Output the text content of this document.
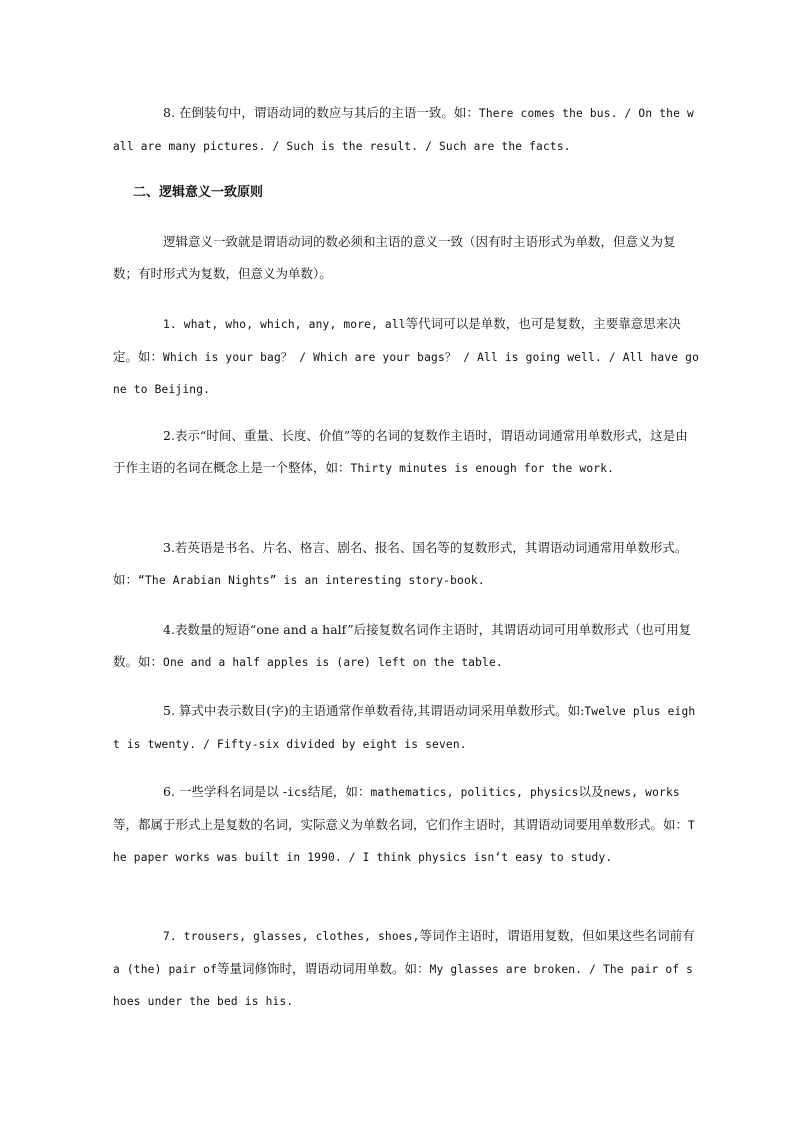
8. 在倒装句中，谓语动词的数应与其后的主语一致。如：There comes the bus. / On the wall are many pictures. / Such is the result. / Such are the facts.
二、逻辑意义一致原则
逻辑意义一致就是谓语动词的数必须和主语的意义一致（因有时主语形式为单数，但意义为复数；有时形式为复数，但意义为单数）。
1. what, who, which, any, more, all等代词可以是单数，也可是复数，主要靠意思来决定。如：Which is your bag？ / Which are your bags？ / All is going well. / All have gone to Beijing.
2.表示“时间、重量、长度、价值”等的名词的复数作主语时，谓语动词通常用单数形式，这是由于作主语的名词在概念上是一个整体，如：Thirty minutes is enough for the work.
3.若英语是书名、片名、格言、剧名、报名、国名等的复数形式，其谓语动词通常用单数形式。如：“The Arabian Nights” is an interesting story-book.
4.表数量的短语“one and a half”后接复数名词作主语时，其谓语动词可用单数形式（也可用复数。如：One and a half apples is (are) left on the table.
5. 算式中表示数目(字)的主语通常作单数看待,其谓语动词采用单数形式。如:Twelve plus eight is twenty. / Fifty-six divided by eight is seven.
6. 一些学科名词是以 -ics结尾，如：mathematics, politics, physics以及news, works等，都属于形式上是复数的名词，实际意义为单数名词，它们作主语时，其谓语动词要用单数形式。如：The paper works was built in 1990. / I think physics isn‘t easy to study.
7. trousers, glasses, clothes, shoes,等词作主语时，谓语用复数，但如果这些名词前有a (the) pair of等量词修饰时，谓语动词用单数。如：My glasses are broken. / The pair of shoes under the bed is his.
